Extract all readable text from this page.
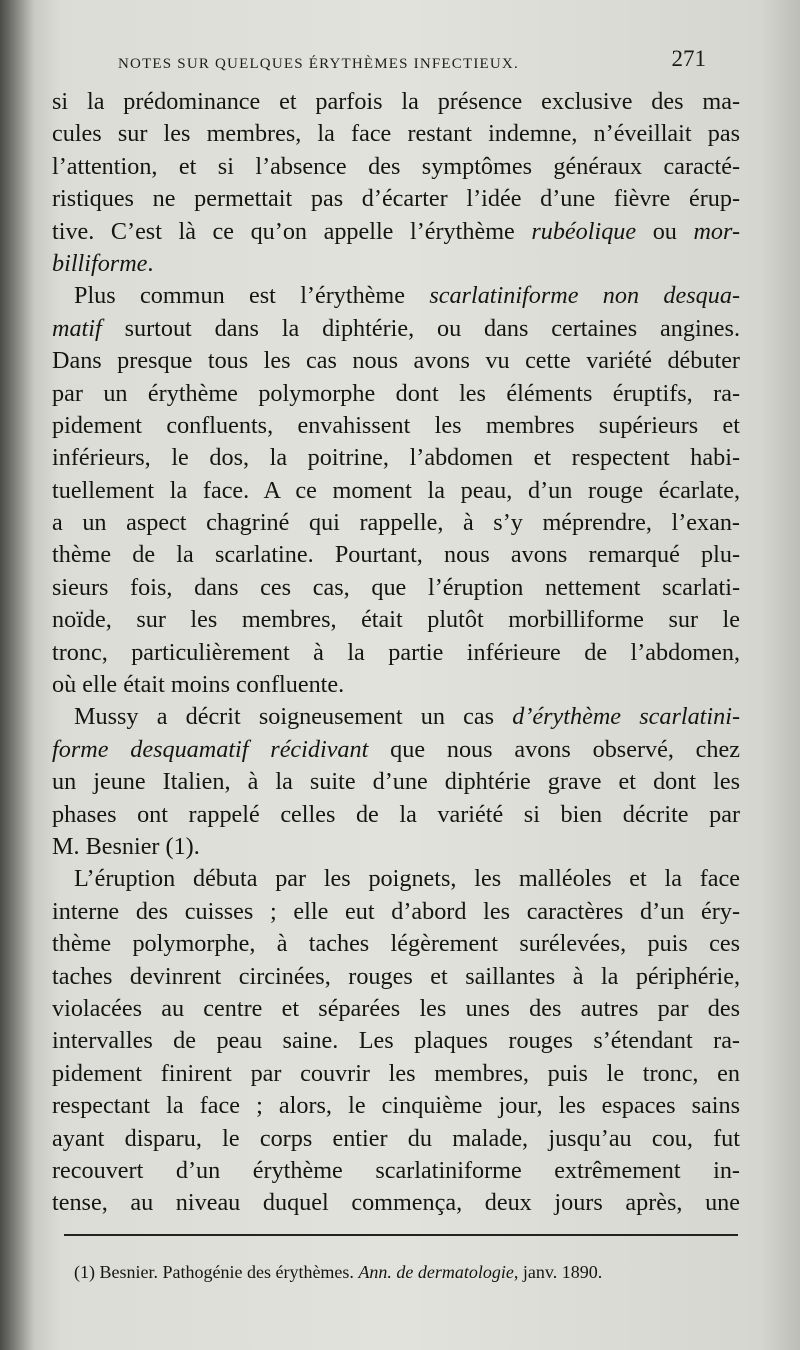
NOTES SUR QUELQUES ÉRYTHÈMES INFECTIEUX.	271
si la prédominance et parfois la présence exclusive des ma-
cules sur les membres, la face restant indemne, n’éveillait pas
l’attention, et si l’absence des symptômes généraux caracté-
ristiques ne permettait pas d’écarter l’idée d’une fièvre érup-
tive. C’est là ce qu’on appelle l’érythème rubéolique ou mor-
billiforme.
Plus commun est l’érythème scarlatiniforme non desqua-
matif surtout dans la diphtérie, ou dans certaines angines.
Dans presque tous les cas nous avons vu cette variété débuter
par un érythème polymorphe dont les éléments éruptifs, ra-
pidement confluents, envahissent les membres supérieurs et
inférieurs, le dos, la poitrine, l’abdomen et respectent habi-
tuellement la face. A ce moment la peau, d’un rouge écarlate,
a un aspect chagriné qui rappelle, à s’y méprendre, l’exan-
thème de la scarlatine. Pourtant, nous avons remarqué plu-
sieurs fois, dans ces cas, que l’éruption nettement scarlati-
noïde, sur les membres, était plutôt morbilliforme sur le
tronc, particulièrement à la partie inférieure de l’abdomen,
où elle était moins confluente.
Mussy a décrit soigneusement un cas d’érythème scarlatini-
forme desquamatif récidivant que nous avons observé, chez
un jeune Italien, à la suite d’une diphtérie grave et dont les
phases ont rappelé celles de la variété si bien décrite par
M. Besnier (1).
L’éruption débuta par les poignets, les malléoles et la face
interne des cuisses ; elle eut d’abord les caractères d’un éry-
thème polymorphe, à taches légèrement surélevées, puis ces
taches devinrent circinées, rouges et saillantes à la périphérie,
violacées au centre et séparées les unes des autres par des
intervalles de peau saine. Les plaques rouges s’étendant ra-
pidement finirent par couvrir les membres, puis le tronc, en
respectant la face ; alors, le cinquième jour, les espaces sains
ayant disparu, le corps entier du malade, jusqu’au cou, fut
recouvert d’un érythème scarlatiniforme extrêmement in-
tense, au niveau duquel commença, deux jours après, une
(1) Besnier. Pathogénie des érythèmes. Ann. de dermatologie, janv. 1890.
